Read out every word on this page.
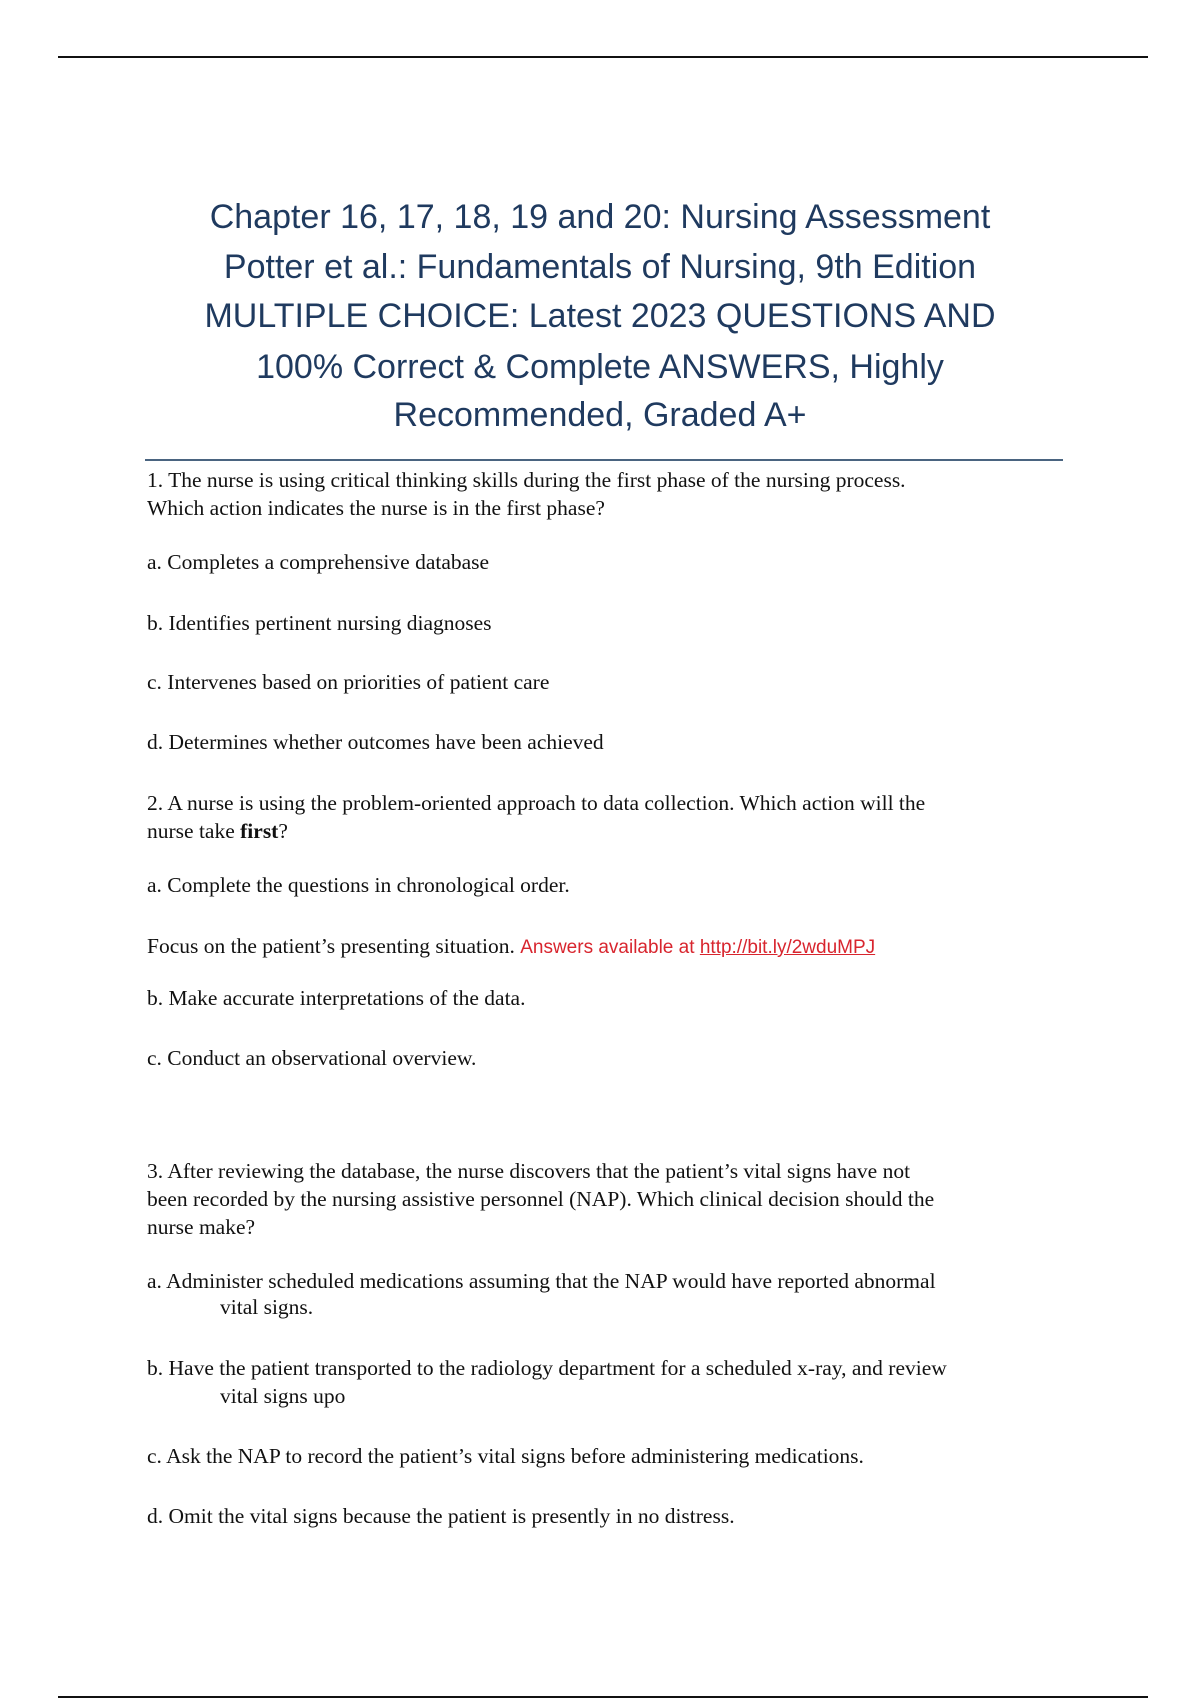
Chapter 16, 17, 18, 19 and 20: Nursing Assessment
Potter et al.: Fundamentals of Nursing, 9th Edition
MULTIPLE CHOICE: Latest 2023 QUESTIONS AND
100% Correct & Complete ANSWERS, Highly
Recommended, Graded A+
1. The nurse is using critical thinking skills during the first phase of the nursing process.
Which action indicates the nurse is in the first phase?
a. Completes a comprehensive database
b. Identifies pertinent nursing diagnoses
c. Intervenes based on priorities of patient care
d. Determines whether outcomes have been achieved
2. A nurse is using the problem-oriented approach to data collection. Which action will the
nurse take first?
a. Complete the questions in chronological order.
Focus on the patient’s presenting situation. Answers available at http://bit.ly/2wduMPJ
b. Make accurate interpretations of the data.
c. Conduct an observational overview.
3. After reviewing the database, the nurse discovers that the patient’s vital signs have not
been recorded by the nursing assistive personnel (NAP). Which clinical decision should the
nurse make?
a. Administer scheduled medications assuming that the NAP would have reported abnormal
vital signs.
b. Have the patient transported to the radiology department for a scheduled x-ray, and review
vital signs upo
c. Ask the NAP to record the patient’s vital signs before administering medications.
d. Omit the vital signs because the patient is presently in no distress.
